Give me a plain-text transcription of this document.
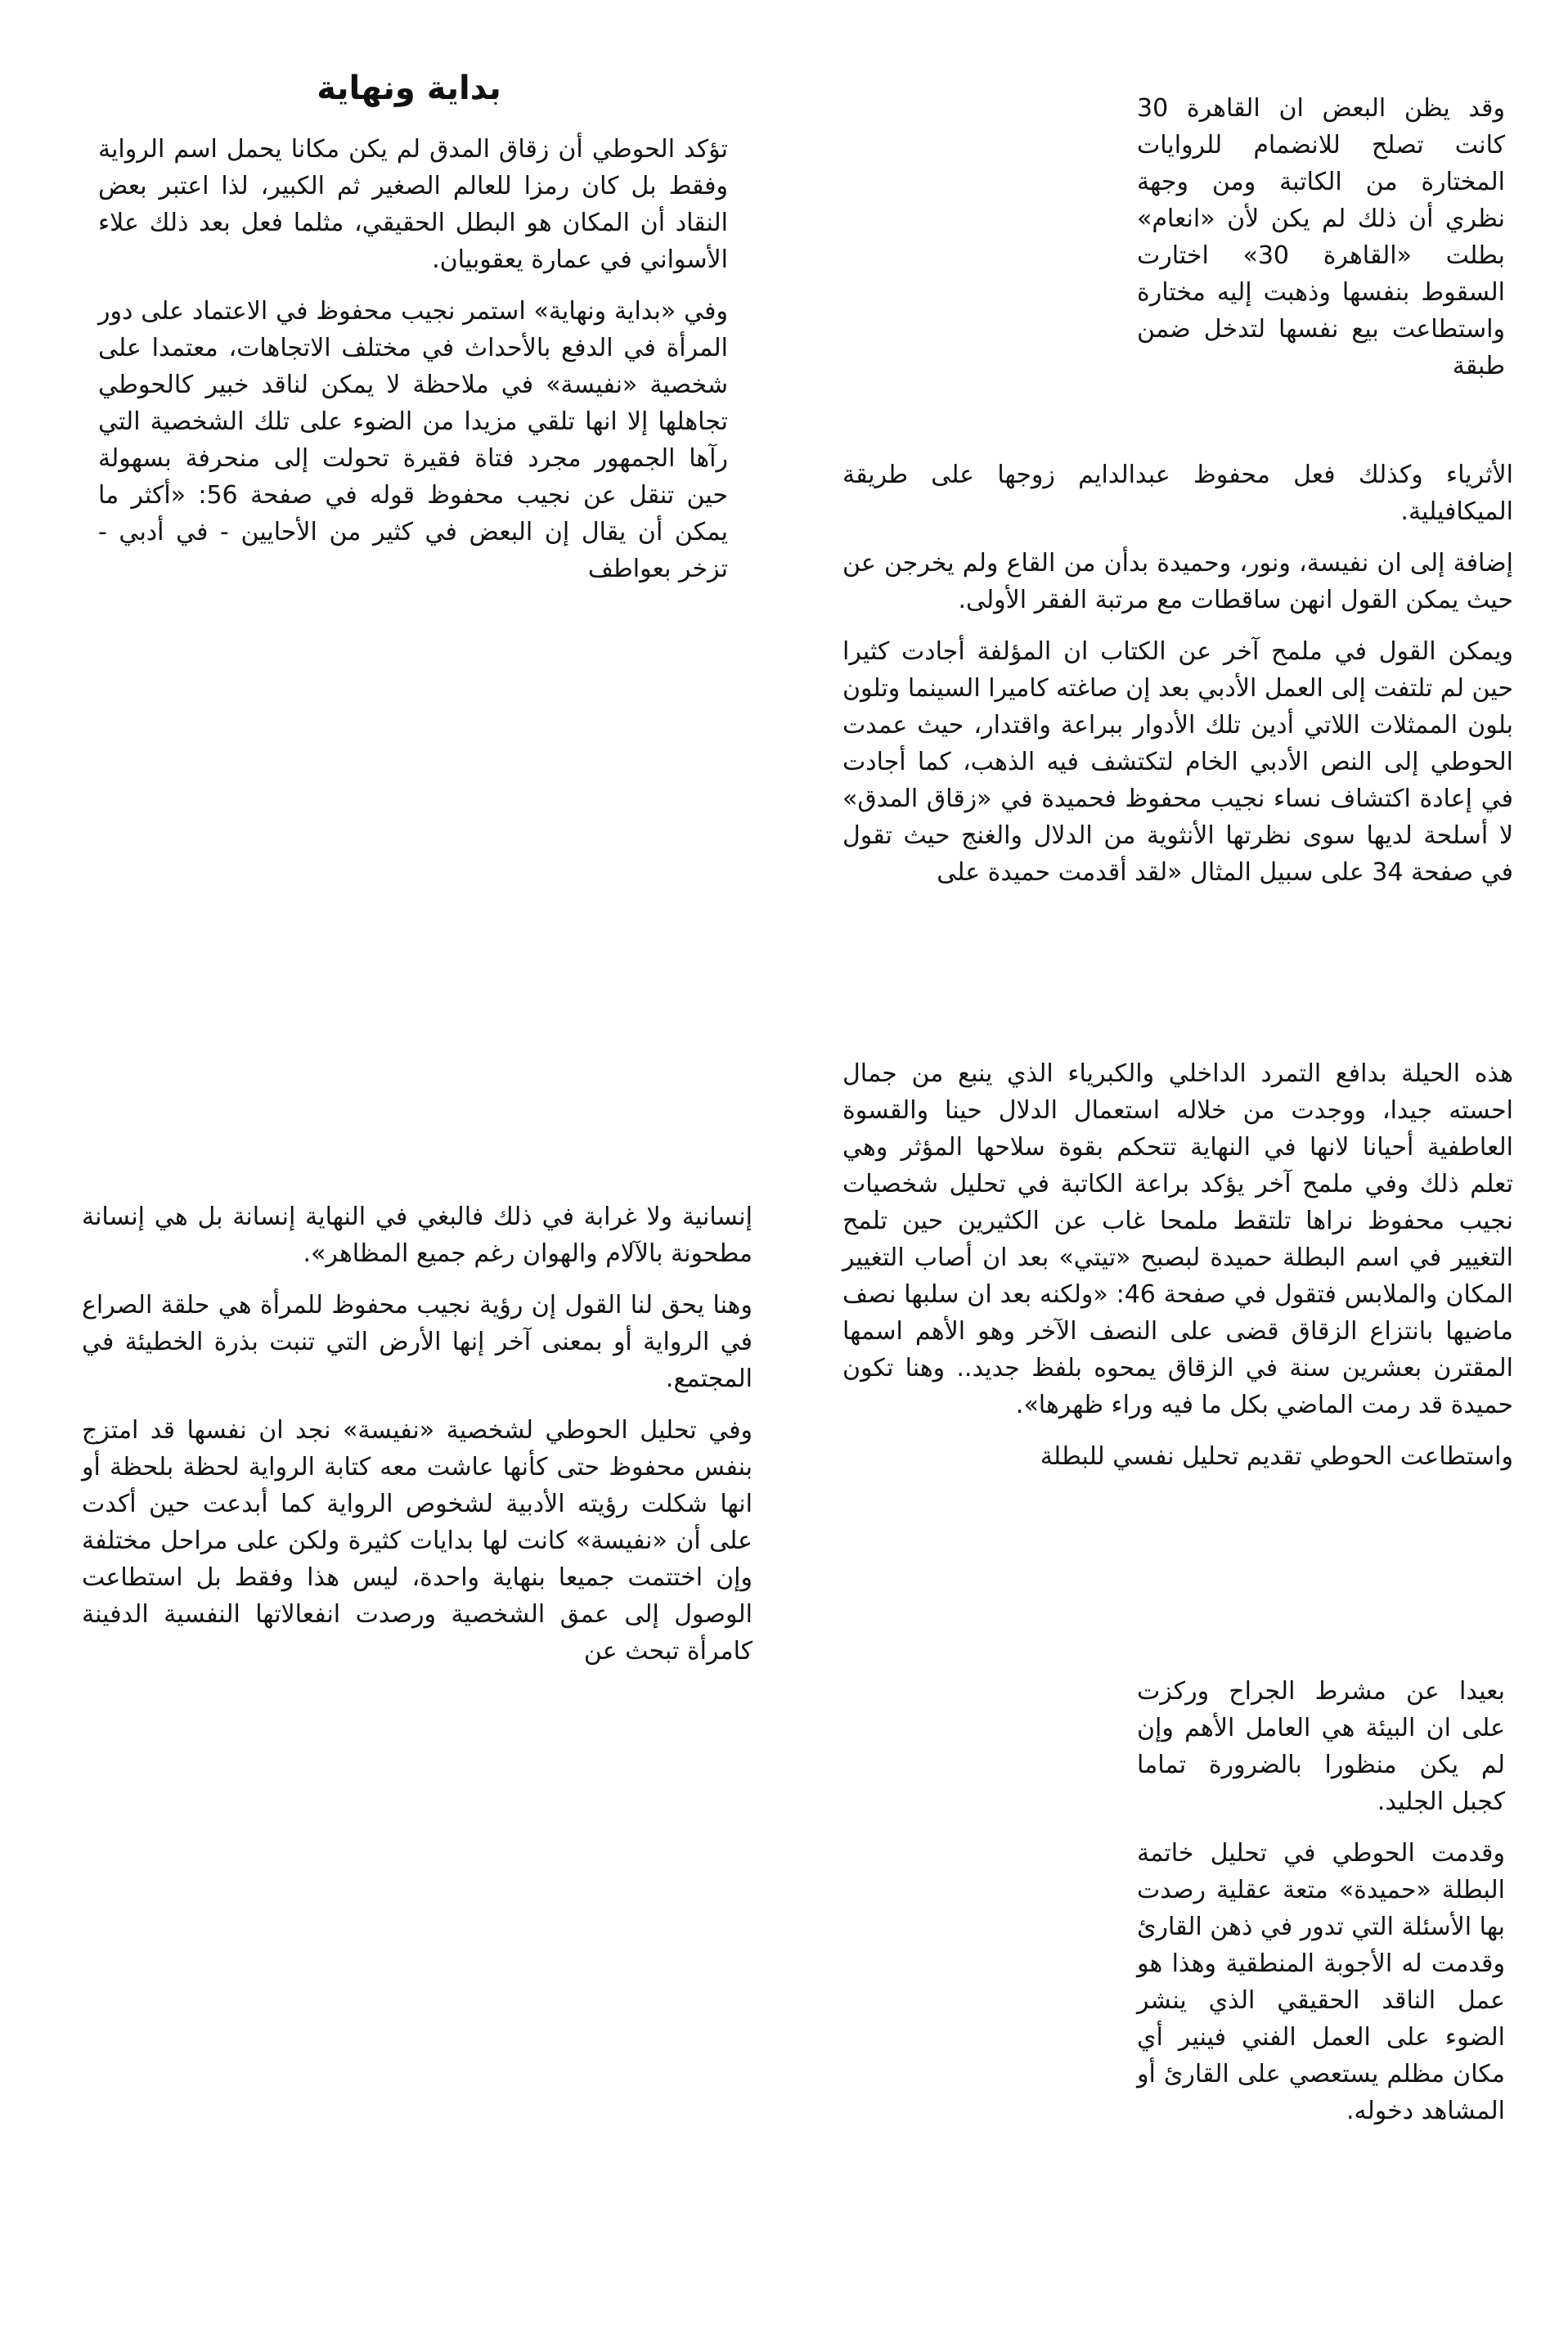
بداية ونهاية

تؤكد الحوطي أن زقاق المدق لم يكن مكانا يحمل اسم الرواية وفقط بل كان رمزا للعالم الصغير ثم الكبير، لذا اعتبر بعض النقاد أن المكان هو البطل الحقيقي، مثلما فعل بعد ذلك علاء الأسواني في عمارة يعقوبيان.

وفي «بداية ونهاية» استمر نجيب محفوظ في الاعتماد على دور المرأة في الدفع بالأحداث في مختلف الاتجاهات، معتمدا على شخصية «نفيسة» في ملاحظة لا يمكن لناقد خبير كالحوطي تجاهلها إلا انها تلقي مزيدا من الضوء على تلك الشخصية التي رآها الجمهور مجرد فتاة فقيرة تحولت إلى منحرفة بسهولة حين تنقل عن نجيب محفوظ قوله في صفحة 56: «أكثر ما يمكن أن يقال إن البعض في كثير من الأحايين - في أدبي - تزخر بعواطف

إنسانية ولا غرابة في ذلك فالبغي في النهاية إنسانة بل هي إنسانة مطحونة بالآلام والهوان رغم جميع المظاهر».

وهنا يحق لنا القول إن رؤية نجيب محفوظ للمرأة هي حلقة الصراع في الرواية أو بمعنى آخر إنها الأرض التي تنبت بذرة الخطيئة في المجتمع.

وفي تحليل الحوطي لشخصية «نفيسة» نجد ان نفسها قد امتزج بنفس محفوظ حتى كأنها عاشت معه كتابة الرواية لحظة بلحظة أو انها شكلت رؤيته الأدبية لشخوص الرواية كما أبدعت حين أكدت على أن «نفيسة» كانت لها بدايات كثيرة ولكن على مراحل مختلفة وإن اختتمت جميعا بنهاية واحدة، ليس هذا وفقط بل استطاعت الوصول إلى عمق الشخصية ورصدت انفعالاتها النفسية الدفينة كامرأة تبحث عن

وقد يظن البعض ان القاهرة 30 كانت تصلح للانضمام للروايات المختارة من الكاتبة ومن وجهة نظري أن ذلك لم يكن لأن «انعام» بطلت «القاهرة 30» اختارت السقوط بنفسها وذهبت إليه مختارة واستطاعت بيع نفسها لتدخل ضمن طبقة

الأثرياء وكذلك فعل محفوظ عبدالدايم زوجها على طريقة الميكافيلية.

إضافة إلى ان نفيسة، ونور، وحميدة بدأن من القاع ولم يخرجن عن حيث يمكن القول انهن ساقطات مع مرتبة الفقر الأولى.

ويمكن القول في ملمح آخر عن الكتاب ان المؤلفة أجادت كثيرا حين لم تلتفت إلى العمل الأدبي بعد إن صاغته كاميرا السينما وتلون بلون الممثلات اللاتي أدين تلك الأدوار ببراعة واقتدار، حيث عمدت الحوطي إلى النص الأدبي الخام لتكتشف فيه الذهب، كما أجادت في إعادة اكتشاف نساء نجيب محفوظ فحميدة في «زقاق المدق» لا أسلحة لديها سوى نظرتها الأنثوية من الدلال والغنج حيث تقول في صفحة 34 على سبيل المثال «لقد أقدمت حميدة على

هذه الحيلة بدافع التمرد الداخلي والكبرياء الذي ينبع من جمال احسته جيدا، ووجدت من خلاله استعمال الدلال حينا والقسوة العاطفية أحيانا لانها في النهاية تتحكم بقوة سلاحها المؤثر وهي تعلم ذلك وفي ملمح آخر يؤكد براعة الكاتبة في تحليل شخصيات نجيب محفوظ نراها تلتقط ملمحا غاب عن الكثيرين حين تلمح التغيير في اسم البطلة حميدة لبصبح «تيتي» بعد ان أصاب التغيير المكان والملابس فتقول في صفحة 46: «ولكنه بعد ان سلبها نصف ماضيها بانتزاع الزقاق قضى على النصف الآخر وهو الأهم اسمها المقترن بعشرين سنة في الزقاق يمحوه بلفظ جديد.. وهنا تكون حميدة قد رمت الماضي بكل ما فيه وراء ظهرها».

واستطاعت الحوطي تقديم تحليل نفسي للبطلة

بعيدا عن مشرط الجراح وركزت على ان البيئة هي العامل الأهم وإن لم يكن منظورا بالضرورة تماما كجبل الجليد.

وقدمت الحوطي في تحليل خاتمة البطلة «حميدة» متعة عقلية رصدت بها الأسئلة التي تدور في ذهن القارئ وقدمت له الأجوبة المنطقية وهذا هو عمل الناقد الحقيقي الذي ينشر الضوء على العمل الفني فينير أي مكان مظلم يستعصي على القارئ أو المشاهد دخوله.
